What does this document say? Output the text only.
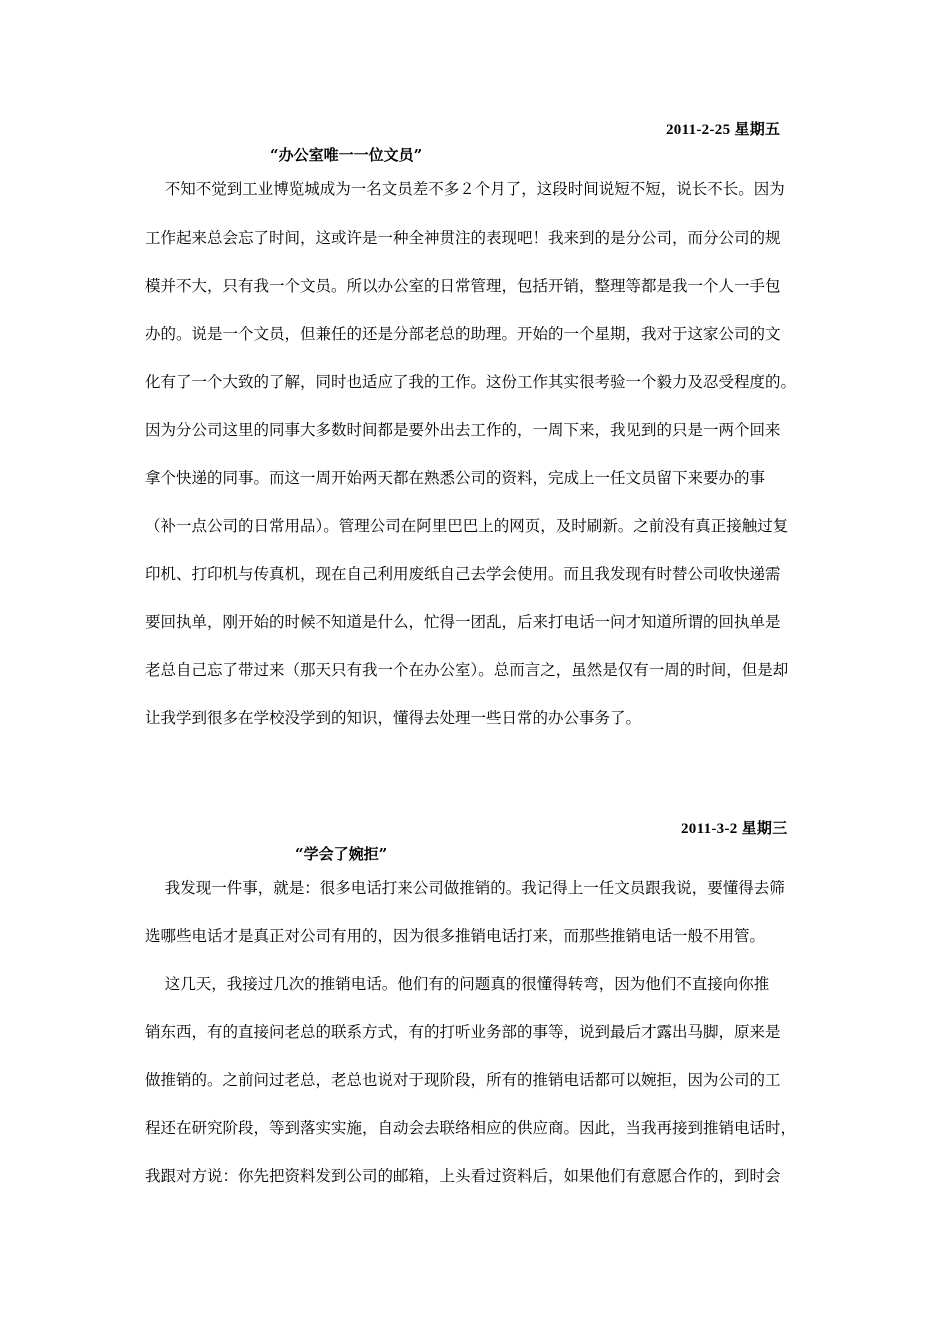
2011-2-25 星期五
“办公室唯一一位文员”
不知不觉到工业博览城成为一名文员差不多２个月了，这段时间说短不短，说长不长。因为
工作起来总会忘了时间，这或许是一种全神贯注的表现吧！我来到的是分公司，而分公司的规
模并不大，只有我一个文员。所以办公室的日常管理，包括开销，整理等都是我一个人一手包
办的。说是一个文员，但兼任的还是分部老总的助理。开始的一个星期，我对于这家公司的文
化有了一个大致的了解，同时也适应了我的工作。这份工作其实很考验一个毅力及忍受程度的。
因为分公司这里的同事大多数时间都是要外出去工作的，一周下来，我见到的只是一两个回来
拿个快递的同事。而这一周开始两天都在熟悉公司的资料，完成上一任文员留下来要办的事
（补一点公司的日常用品）。管理公司在阿里巴巴上的网页，及时刷新。之前没有真正接触过复
印机、打印机与传真机，现在自己利用废纸自己去学会使用。而且我发现有时替公司收快递需
要回执单，刚开始的时候不知道是什么，忙得一团乱，后来打电话一问才知道所谓的回执单是
老总自己忘了带过来（那天只有我一个在办公室）。总而言之，虽然是仅有一周的时间，但是却
让我学到很多在学校没学到的知识，懂得去处理一些日常的办公事务了。
2011-3-2 星期三
“学会了婉拒”
我发现一件事，就是：很多电话打来公司做推销的。我记得上一任文员跟我说，要懂得去筛
选哪些电话才是真正对公司有用的，因为很多推销电话打来，而那些推销电话一般不用管。
这几天，我接过几次的推销电话。他们有的问题真的很懂得转弯，因为他们不直接向你推
销东西，有的直接问老总的联系方式，有的打听业务部的事等，说到最后才露出马脚，原来是
做推销的。之前问过老总，老总也说对于现阶段，所有的推销电话都可以婉拒，因为公司的工
程还在研究阶段，等到落实实施，自动会去联络相应的供应商。因此，当我再接到推销电话时，
我跟对方说：你先把资料发到公司的邮箱，上头看过资料后，如果他们有意愿合作的，到时会
